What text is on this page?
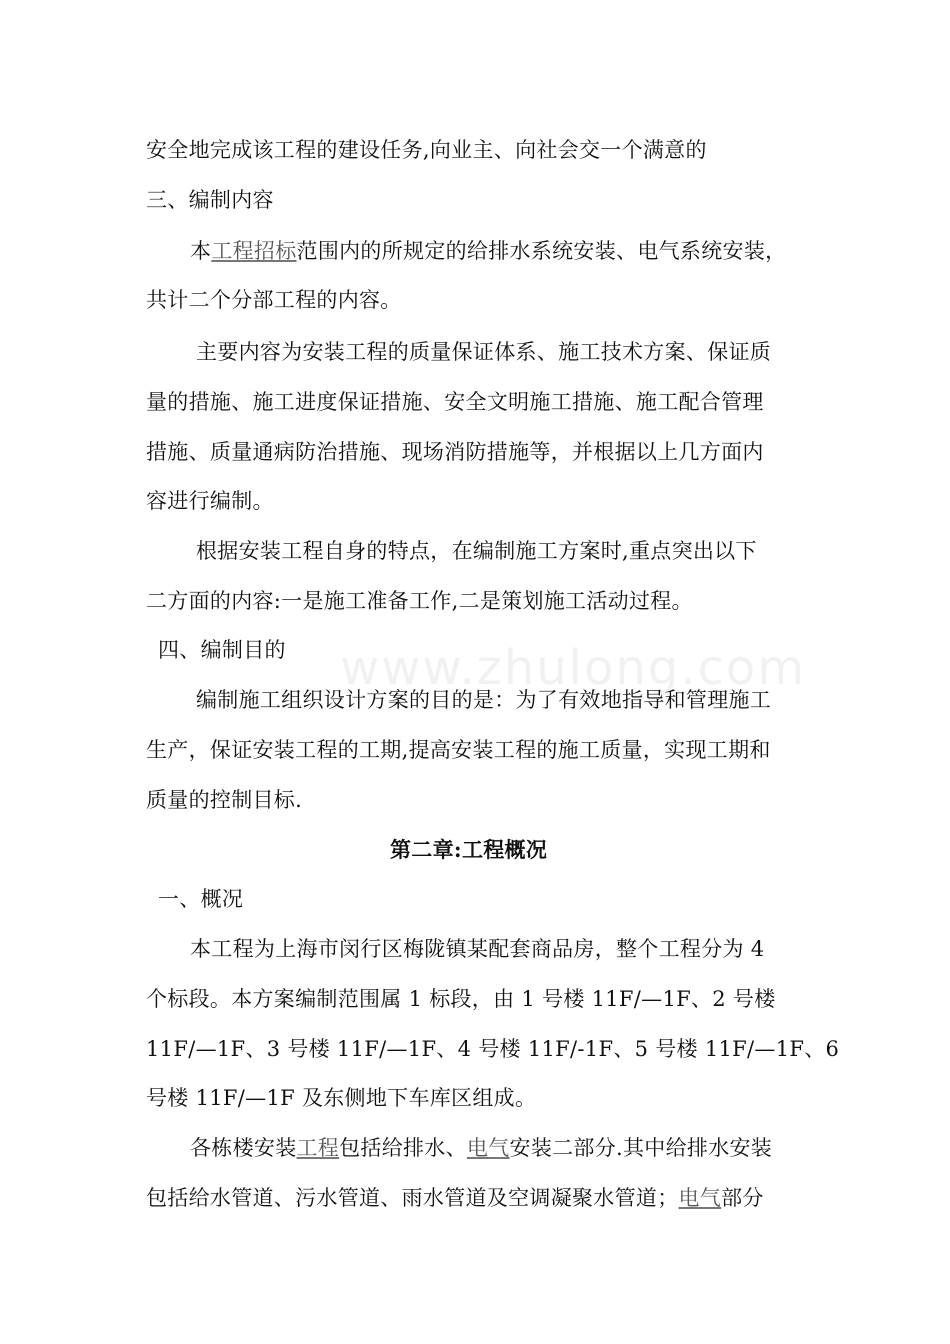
www.zhulong.com
安全地完成该工程的建设任务,向业主、向社会交一个满意的
三、编制内容
本工程招标范围内的所规定的给排水系统安装、电气系统安装，
共计二个分部工程的内容。
主要内容为安装工程的质量保证体系、施工技术方案、保证质
量的措施、施工进度保证措施、安全文明施工措施、施工配合管理
措施、质量通病防治措施、现场消防措施等，并根据以上几方面内
容进行编制。
根据安装工程自身的特点，在编制施工方案时,重点突出以下
二方面的内容:一是施工准备工作,二是策划施工活动过程。
四、编制目的
编制施工组织设计方案的目的是：为了有效地指导和管理施工
生产，保证安装工程的工期,提高安装工程的施工质量，实现工期和
质量的控制目标.
第二章:工程概况
一、概况
本工程为上海市闵行区梅陇镇某配套商品房，整个工程分为 4
个标段。本方案编制范围属 1 标段，由 1 号楼 11F/—1F、2 号楼
11F/—1F、3 号楼 11F/—1F、4 号楼 11F/-1F、5 号楼 11F/—1F、6
号楼 11F/—1F 及东侧地下车库区组成。
各栋楼安装工程包括给排水、电气安装二部分.其中给排水安装
包括给水管道、污水管道、雨水管道及空调凝聚水管道；电气部分
